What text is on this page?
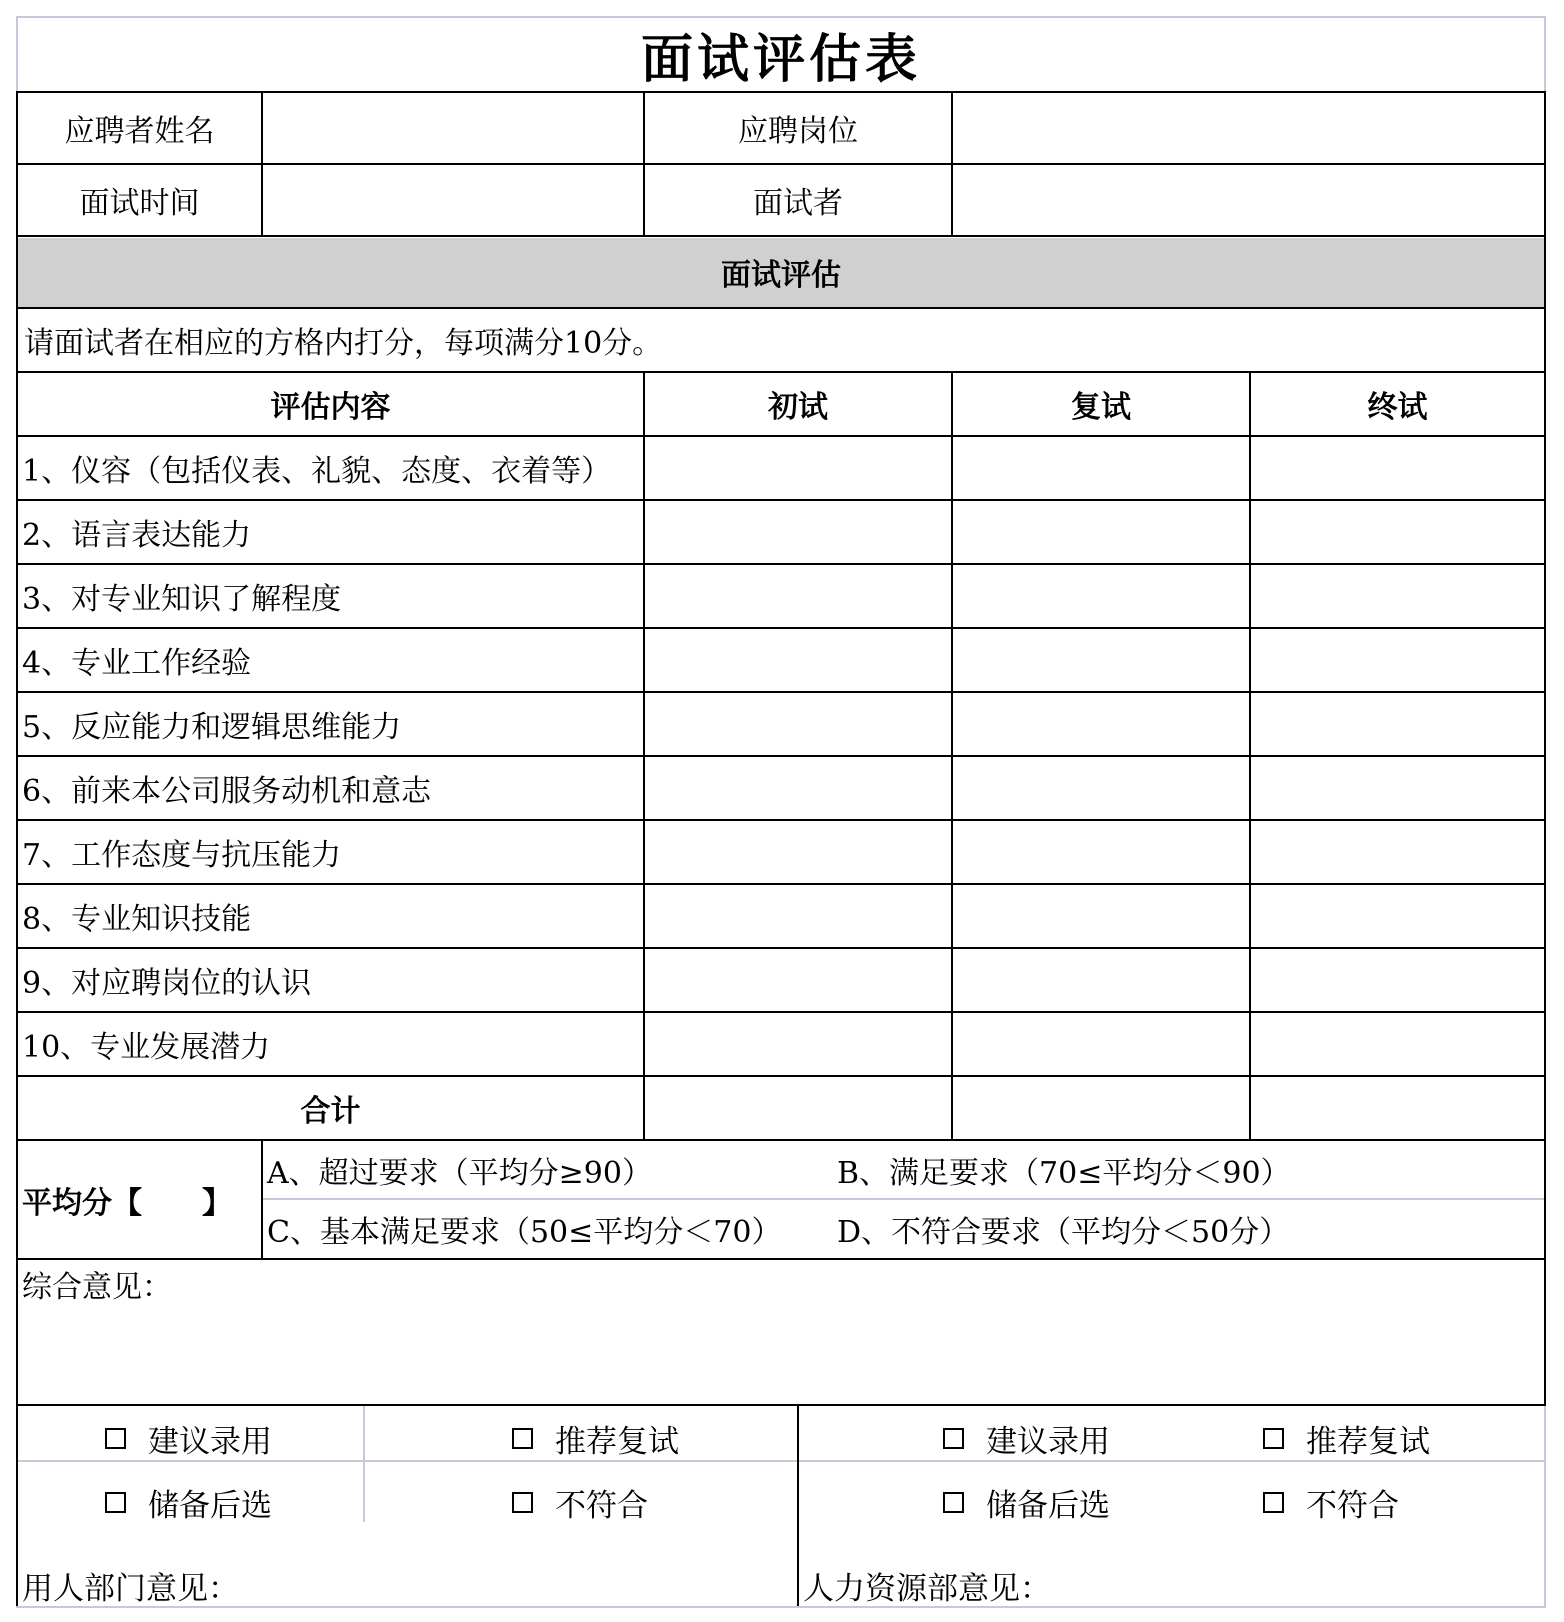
面试评估表
应聘者姓名	应聘岗位
面试时间	面试者
面试评估
请面试者在相应的方格内打分，每项满分10分。
评估内容	初试	复试	终试
1、仪容（包括仪表、礼貌、态度、衣着等）
2、语言表达能力
3、对专业知识了解程度
4、专业工作经验
5、反应能力和逻辑思维能力
6、前来本公司服务动机和意志
7、工作态度与抗压能力
8、专业知识技能
9、对应聘岗位的认识
10、专业发展潜力
合计
平均分【　　】
A、超过要求（平均分≥90）	B、满足要求（70≤平均分＜90）
C、基本满足要求（50≤平均分＜70）	D、不符合要求（平均分＜50分）
综合意见：
建议录用	推荐复试
储备后选	不符合
建议录用	推荐复试
储备后选	不符合
用人部门意见：	人力资源部意见：
